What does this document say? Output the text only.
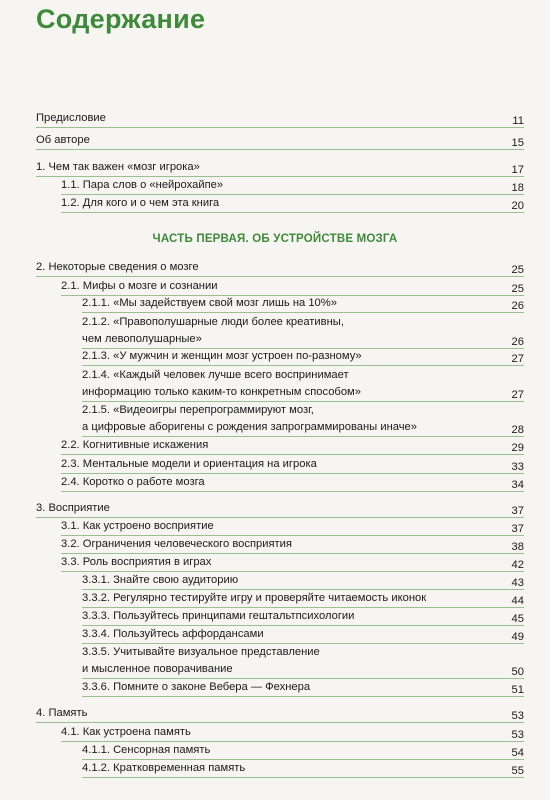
Содержание
ЧАСТЬ ПЕРВАЯ. ОБ УСТРОЙСТВЕ МОЗГА
Предисловие	11
Об авторе	15
1. Чем так важен «мозг игрока»	17
1.1. Пара слов о «нейрохайпе»	18
1.2. Для кого и о чем эта книга	20
2. Некоторые сведения о мозге	25
2.1. Мифы о мозге и сознании	25
2.1.1. «Мы задействуем свой мозг лишь на 10%»	26
2.1.2. «Правополушарные люди более креативны,
чем левополушарные»	26
2.1.3. «У мужчин и женщин мозг устроен по-разному»	27
2.1.4. «Каждый человек лучше всего воспринимает
информацию только каким-то конкретным способом»	27
2.1.5. «Видеоигры перепрограммируют мозг,
а цифровые аборигены с рождения запрограммированы иначе»	28
2.2. Когнитивные искажения	29
2.3. Ментальные модели и ориентация на игрока	33
2.4. Коротко о работе мозга	34
3. Восприятие	37
3.1. Как устроено восприятие	37
3.2. Ограничения человеческого восприятия	38
3.3. Роль восприятия в играх	42
3.3.1. Знайте свою аудиторию	43
3.3.2. Регулярно тестируйте игру и проверяйте читаемость иконок	44
3.3.3. Пользуйтесь принципами гештальтпсихологии	45
3.3.4. Пользуйтесь аффордансами	49
3.3.5. Учитывайте визуальное представление
и мысленное поворачивание	50
3.3.6. Помните о законе Вебера — Фехнера	51
4. Память	53
4.1. Как устроена память	53
4.1.1. Сенсорная память	54
4.1.2. Кратковременная память	55
